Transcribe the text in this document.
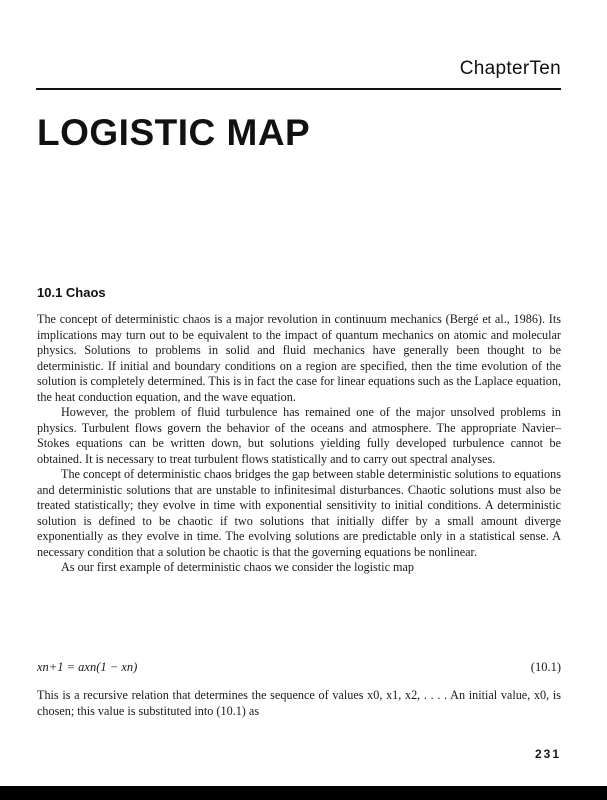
ChapterTen
LOGISTIC MAP
10.1 Chaos

The concept of deterministic chaos is a major revolution in continuum mechanics (Bergé et al., 1986). Its implications may turn out to be equivalent to the impact of quantum mechanics on atomic and molecular physics. Solutions to problems in solid and fluid mechanics have generally been thought to be deterministic. If initial and boundary conditions on a region are specified, then the time evolution of the solution is completely determined. This is in fact the case for linear equations such as the Laplace equation, the heat conduction equation, and the wave equation.

However, the problem of fluid turbulence has remained one of the major unsolved problems in physics. Turbulent flows govern the behavior of the oceans and atmosphere. The appropriate Navier–Stokes equations can be written down, but solutions yielding fully developed turbulence cannot be obtained. It is necessary to treat turbulent flows statistically and to carry out spectral analyses.

The concept of deterministic chaos bridges the gap between stable deterministic solutions to equations and deterministic solutions that are unstable to infinitesimal disturbances. Chaotic solutions must also be treated statistically; they evolve in time with exponential sensitivity to initial conditions. A deterministic solution is defined to be chaotic if two solutions that initially differ by a small amount diverge exponentially as they evolve in time. The evolving solutions are predictable only in a statistical sense. A necessary condition that a solution be chaotic is that the governing equations be nonlinear.

As our first example of deterministic chaos we consider the logistic map

xn+1 = axn(1 − xn)	(10.1)

This is a recursive relation that determines the sequence of values x0, x1, x2, . . . . An initial value, x0, is chosen; this value is substituted into (10.1) as

231
